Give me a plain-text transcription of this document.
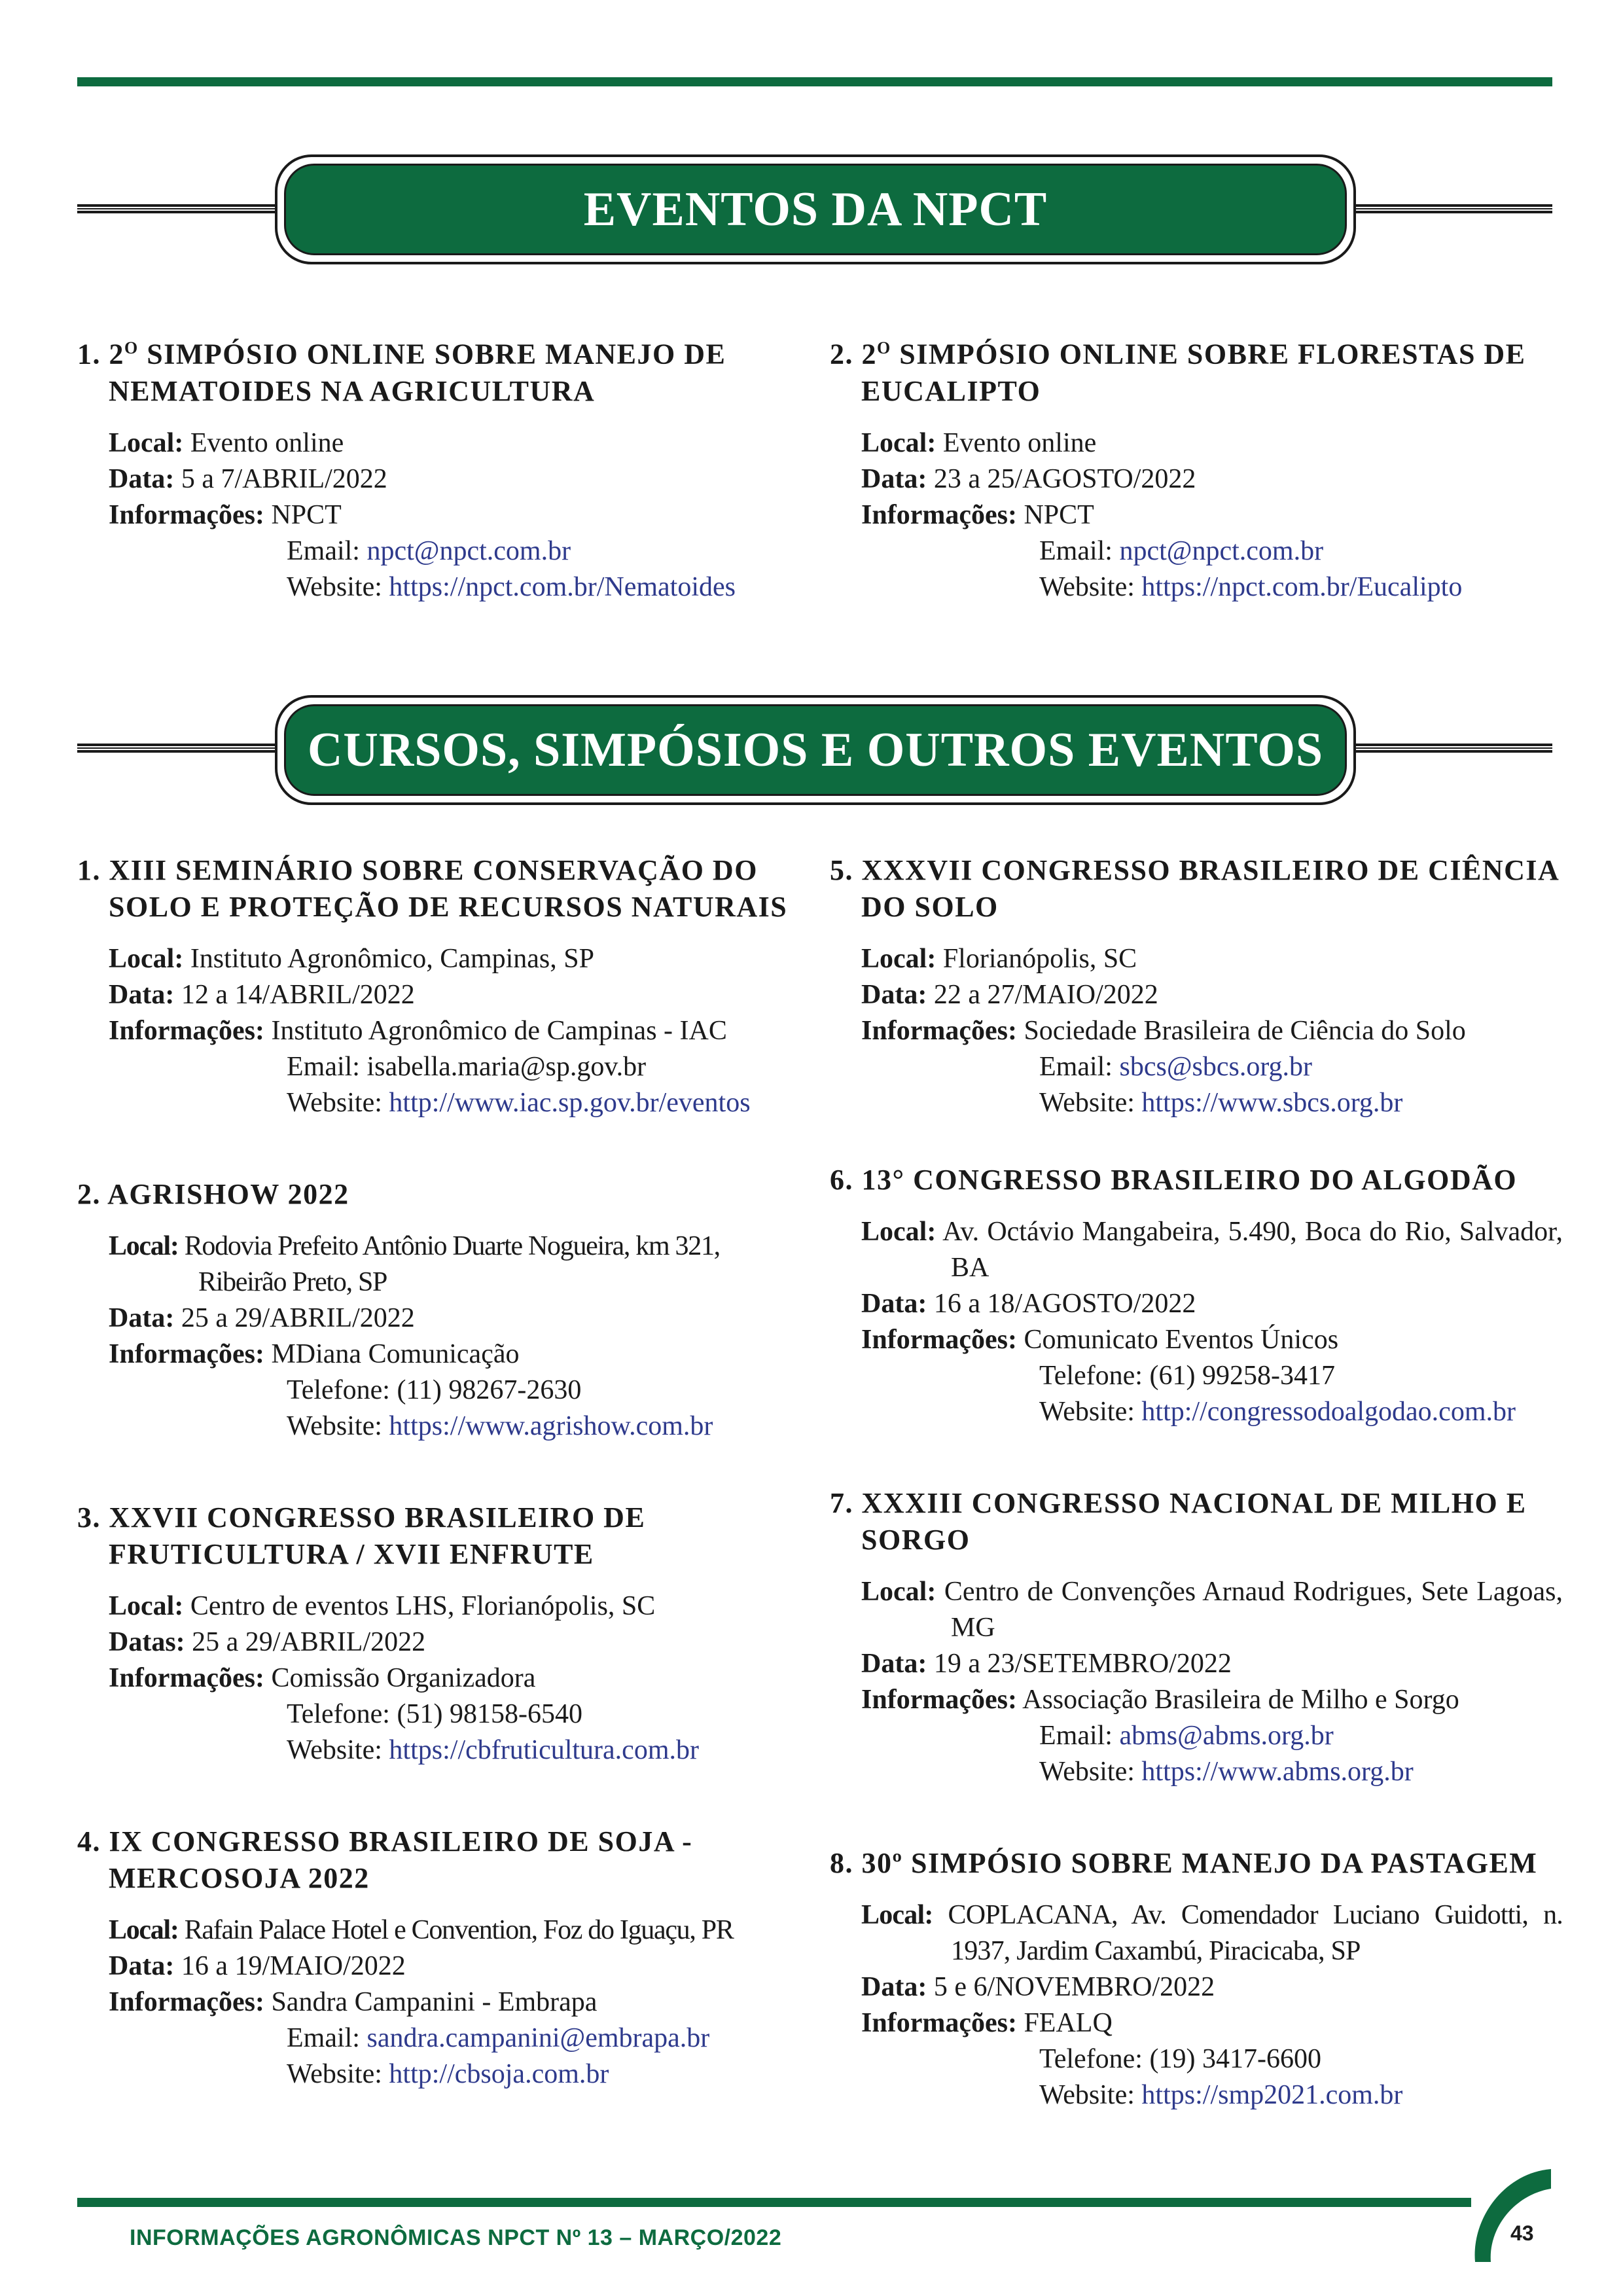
EVENTOS DA NPCT
1. $2^O$ SIMPÓSIO ONLINE SOBRE MANEJO DE NEMATOIDES NA AGRICULTURA
Local: Evento online
Data: 5 a 7/ABRIL/2022
Informações: NPCT
Email: npct@npct.com.br
Website: https://npct.com.br/Nematoides
2. $2^O$ SIMPÓSIO ONLINE SOBRE FLORESTAS DE EUCALIPTO
Local: Evento online
Data: 23 a 25/AGOSTO/2022
Informações: NPCT
Email: npct@npct.com.br
Website: https://npct.com.br/Eucalipto
CURSOS, SIMPÓSIOS E OUTROS EVENTOS
1. XIII SEMINÁRIO SOBRE CONSERVAÇÃO DO SOLO E PROTEÇÃO DE RECURSOS NATURAIS
Local: Instituto Agronômico, Campinas, SP
Data: 12 a 14/ABRIL/2022
Informações: Instituto Agronômico de Campinas - IAC
Email: isabella.maria@sp.gov.br
Website: http://www.iac.sp.gov.br/eventos
2. AGRISHOW 2022
Local: Rodovia Prefeito Antônio Duarte Nogueira, km 321, Ribeirão Preto, SP
Data: 25 a 29/ABRIL/2022
Informações: MDiana Comunicação
Telefone: (11) 98267-2630
Website: https://www.agrishow.com.br
3. XXVII CONGRESSO BRASILEIRO DE FRUTICULTURA / XVII ENFRUTE
Local: Centro de eventos LHS, Florianópolis, SC
Datas: 25 a 29/ABRIL/2022
Informações: Comissão Organizadora
Telefone: (51) 98158-6540
Website: https://cbfruticultura.com.br
4. IX CONGRESSO BRASILEIRO DE SOJA - MERCOSOJA 2022
Local: Rafain Palace Hotel e Convention, Foz do Iguaçu, PR
Data: 16 a 19/MAIO/2022
Informações: Sandra Campanini - Embrapa
Email: sandra.campanini@embrapa.br
Website: http://cbsoja.com.br
5. XXXVII CONGRESSO BRASILEIRO DE CIÊNCIA DO SOLO
Local: Florianópolis, SC
Data: 22 a 27/MAIO/2022
Informações: Sociedade Brasileira de Ciência do Solo
Email: sbcs@sbcs.org.br
Website: https://www.sbcs.org.br
6. 13° CONGRESSO BRASILEIRO DO ALGODÃO
Local: Av. Octávio Mangabeira, 5.490, Boca do Rio, Salvador, BA
Data: 16 a 18/AGOSTO/2022
Informações: Comunicato Eventos Únicos
Telefone: (61) 99258-3417
Website: http://congressodoalgodao.com.br
7. XXXIII CONGRESSO NACIONAL DE MILHO E SORGO
Local: Centro de Convenções Arnaud Rodrigues, Sete Lagoas, MG
Data: 19 a 23/SETEMBRO/2022
Informações: Associação Brasileira de Milho e Sorgo
Email: abms@abms.org.br
Website: https://www.abms.org.br
8. 30º SIMPÓSIO SOBRE MANEJO DA PASTAGEM
Local: COPLACANA, Av. Comendador Luciano Guidotti, n. 1937, Jardim Caxambú, Piracicaba, SP
Data: 5 e 6/NOVEMBRO/2022
Informações: FEALQ
Telefone: (19) 3417-6600
Website: https://smp2021.com.br
INFORMAÇÕES AGRONÔMICAS NPCT Nº 13 – MARÇO/2022	43
